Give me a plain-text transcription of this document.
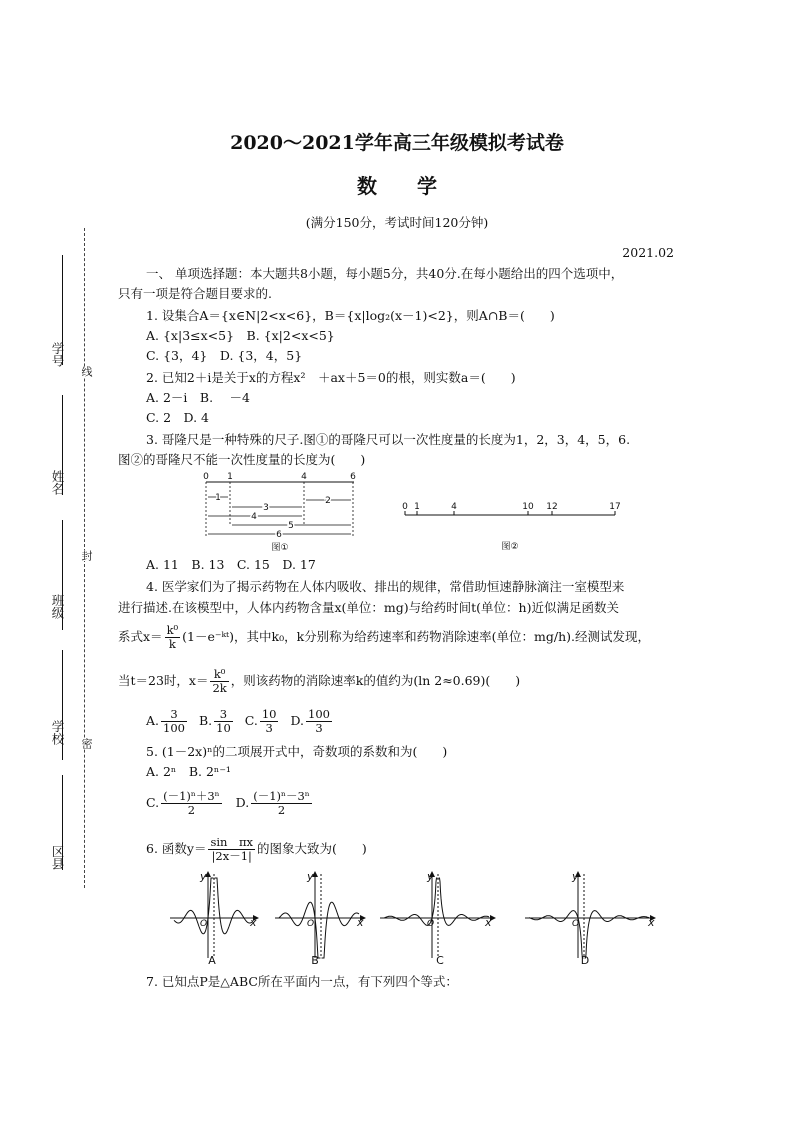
2020～2021学年高三年级模拟考试卷
数学
(满分150分，考试时间120分钟)
2021.02
学号
姓名
班级
学校
区县
线
封
密
一、 单项选择题：本大题共8小题，每小题5分，共40分.在每小题给出的四个选项中，
只有一项是符合题目要求的.
1. 设集合A＝{x∈N|2<x<6}，B＝{x|log₂(x－1)<2}，则A∩B＝(　　)
A. {x|3≤x<5}　B. {x|2<x<5}
C. {3，4}　D. {3，4，5}
2. 已知2＋i是关于x的方程x²　＋ax＋5＝0的根，则实数a＝(　　)
A. 2－i　B. 　－4
C. 2　D. 4
3. 哥隆尺是一种特殊的尺子.图①的哥隆尺可以一次性度量的长度为1，2，3，4，5，6.
图②的哥隆尺不能一次性度量的长度为(　　)
0 1	4	6
1	2
3
4
5
6
图①
0 1	4	10 12	17
图②
A. 11　B. 13　C. 15　D. 17
4. 医学家们为了揭示药物在人体内吸收、排出的规律，常借助恒速静脉滴注一室模型来
进行描述.在该模型中，人体内药物含量x(单位：mg)与给药时间t(单位：h)近似满足函数关
系式$x= \frac{\text{k⁰}}{k}$ (1－e⁻ᵏᵗ)，其中k₀，k分别称为给药速率和药物消除速率(单位：mg/h).经测试发现，
当t＝23时，$x= \frac{\text{k⁰}}{2k}$ ，则该药物的消除速率k的值约为(ln 2≈0.69)(　　)
A. $\frac{3}{100} B$. $\frac{3}{10} C$. $\frac{10}{3} D$. $\frac{100}{3}$
5. (1－2x)ⁿ的二项展开式中，奇数项的系数和为(　　)
A. 2ⁿ　B. 2ⁿ⁻¹
C. $\frac{\text{(－1)ⁿ＋3ⁿ}}{2} D$. $\frac{\text{(－1)ⁿ－3ⁿ}}{2}$
6. 函数$y= \frac{\text{sin　πx}}{|2x-1|}$ 的图象大致为(　　)
y
x
O
y
x
O
y
x
O
y
x
O
A	B	C	D
7. 已知点P是△ABC所在平面内一点，有下列四个等式：
